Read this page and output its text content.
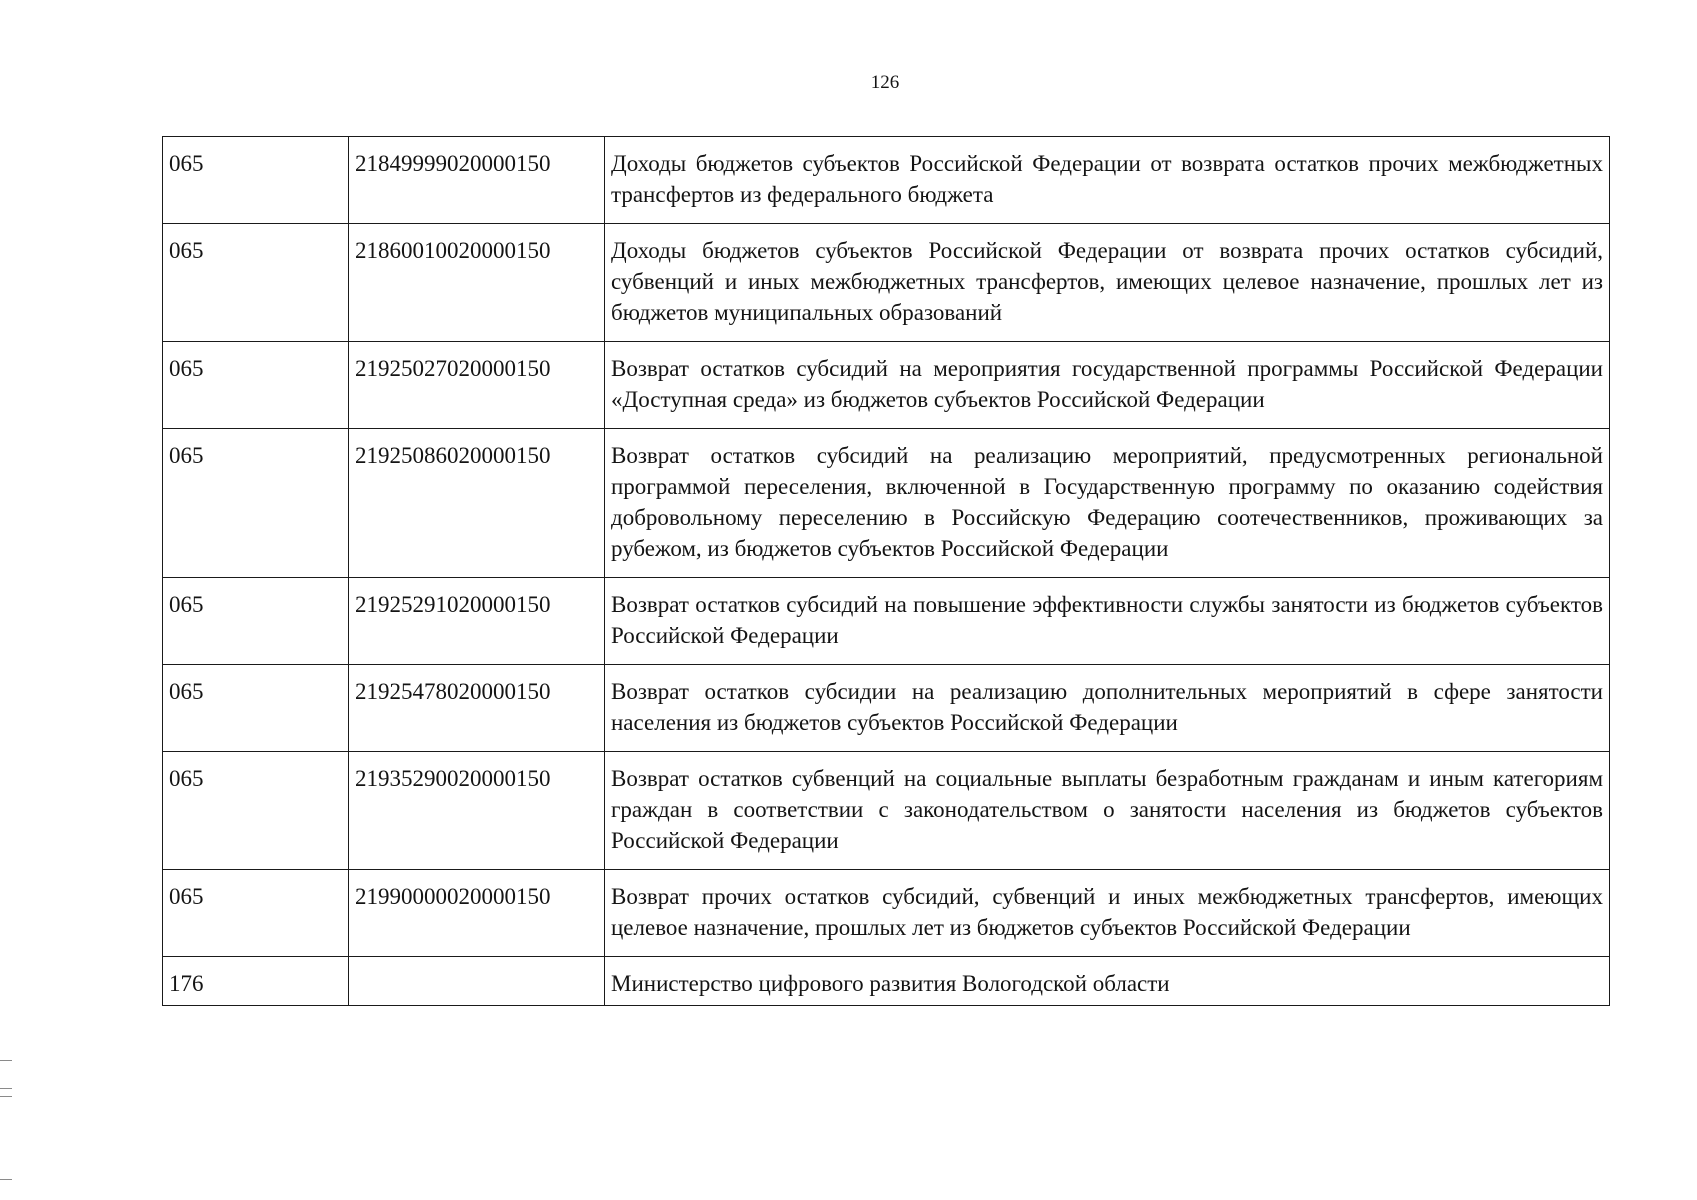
126
065	21849999020000150	Доходы бюджетов субъектов Российской Федерации от возврата остатков прочих межбюджетных трансфертов из федерального бюджета
065	21860010020000150	Доходы бюджетов субъектов Российской Федерации от возврата прочих остатков субсидий, субвенций и иных межбюджетных трансфертов, имеющих целевое назначение, прошлых лет из бюджетов муниципальных образований
065	21925027020000150	Возврат остатков субсидий на мероприятия государственной программы Российской Федерации «Доступная среда» из бюджетов субъектов Российской Федерации
065	21925086020000150	Возврат остатков субсидий на реализацию мероприятий, предусмотренных региональной программой переселения, включенной в Государственную программу по оказанию содействия добровольному переселению в Российскую Федерацию соотечественников, проживающих за рубежом, из бюджетов субъектов Российской Федерации
065	21925291020000150	Возврат остатков субсидий на повышение эффективности службы занятости из бюджетов субъектов Российской Федерации
065	21925478020000150	Возврат остатков субсидии на реализацию дополнительных мероприятий в сфере занятости населения из бюджетов субъектов Российской Федерации
065	21935290020000150	Возврат остатков субвенций на социальные выплаты безработным гражданам и иным категориям граждан в соответствии с законодательством о занятости населения из бюджетов субъектов Российской Федерации
065	21990000020000150	Возврат прочих остатков субсидий, субвенций и иных межбюджетных трансфертов, имеющих целевое назначение, прошлых лет из бюджетов субъектов Российской Федерации
176		Министерство цифрового развития Вологодской области
